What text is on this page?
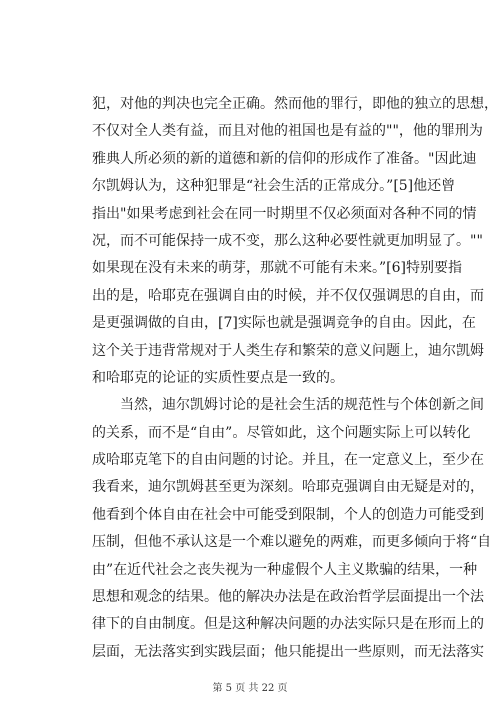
犯，对他的判决也完全正确。然而他的罪行，即他的独立的思想，
不仅对全人类有益，而且对他的祖国也是有益的""，他的罪刑为
雅典人所必须的新的道德和新的信仰的形成作了准备。"因此迪
尔凯姆认为，这种犯罪是“社会生活的正常成分。”[5]他还曾
指出"如果考虑到社会在同一时期里不仅必须面对各种不同的情
况，而不可能保持一成不变，那么这种必要性就更加明显了。""
如果现在没有未来的萌芽，那就不可能有未来。”[6]特别要指
出的是，哈耶克在强调自由的时候，并不仅仅强调思的自由，而
是更强调做的自由，[7]实际也就是强调竞争的自由。因此，在
这个关于违背常规对于人类生存和繁荣的意义问题上，迪尔凯姆
和哈耶克的论证的实质性要点是一致的。
当然，迪尔凯姆讨论的是社会生活的规范性与个体创新之间
的关系，而不是“自由”。尽管如此，这个问题实际上可以转化
成哈耶克笔下的自由问题的讨论。并且，在一定意义上，至少在
我看来，迪尔凯姆甚至更为深刻。哈耶克强调自由无疑是对的，
他看到个体自由在社会中可能受到限制，个人的创造力可能受到
压制，但他不承认这是一个难以避免的两难，而更多倾向于将“自
由”在近代社会之丧失视为一种虚假个人主义欺骗的结果，一种
思想和观念的结果。他的解决办法是在政治哲学层面提出一个法
律下的自由制度。但是这种解决问题的办法实际只是在形而上的
层面，无法落实到实践层面；他只能提出一些原则，而无法落实
第 5 页 共 22 页
